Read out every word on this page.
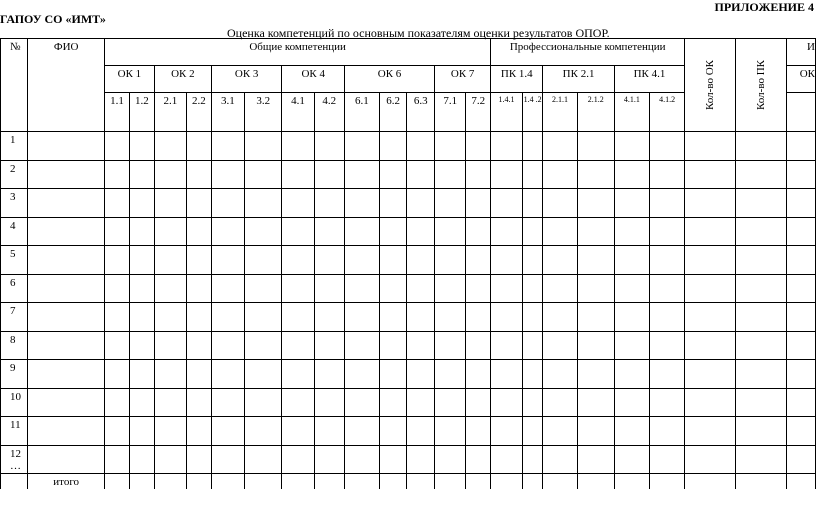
ГАПОУ СО «ИМТ»
ПРИЛОЖЕНИЕ 4
Оценка компетенций по основным показателям оценки результатов ОПОР.
№	ФИО	Общие компетенции													Профессиональные компетенции						Кол-во ОК	Кол-во ПК	И
		ОК 1		ОК 2		ОК 3		ОК 4		ОК 6			ОК 7		ПК 1.4		ПК 2.1		ПК 4.1				ОК
		1.1	1.2	2.1	2.2	3.1	3.2	4.1	4.2	6.1	6.2	6.3	7.1	7.2	1.4.1	1.4 .2	2.1.1	2.1.2	4.1.1	4.1.2			
1																							
2																							
3																							
4																							
5																							
6																							
7																							
8																							
9																							
10																							
11																							
12 …																							
	итого																						
